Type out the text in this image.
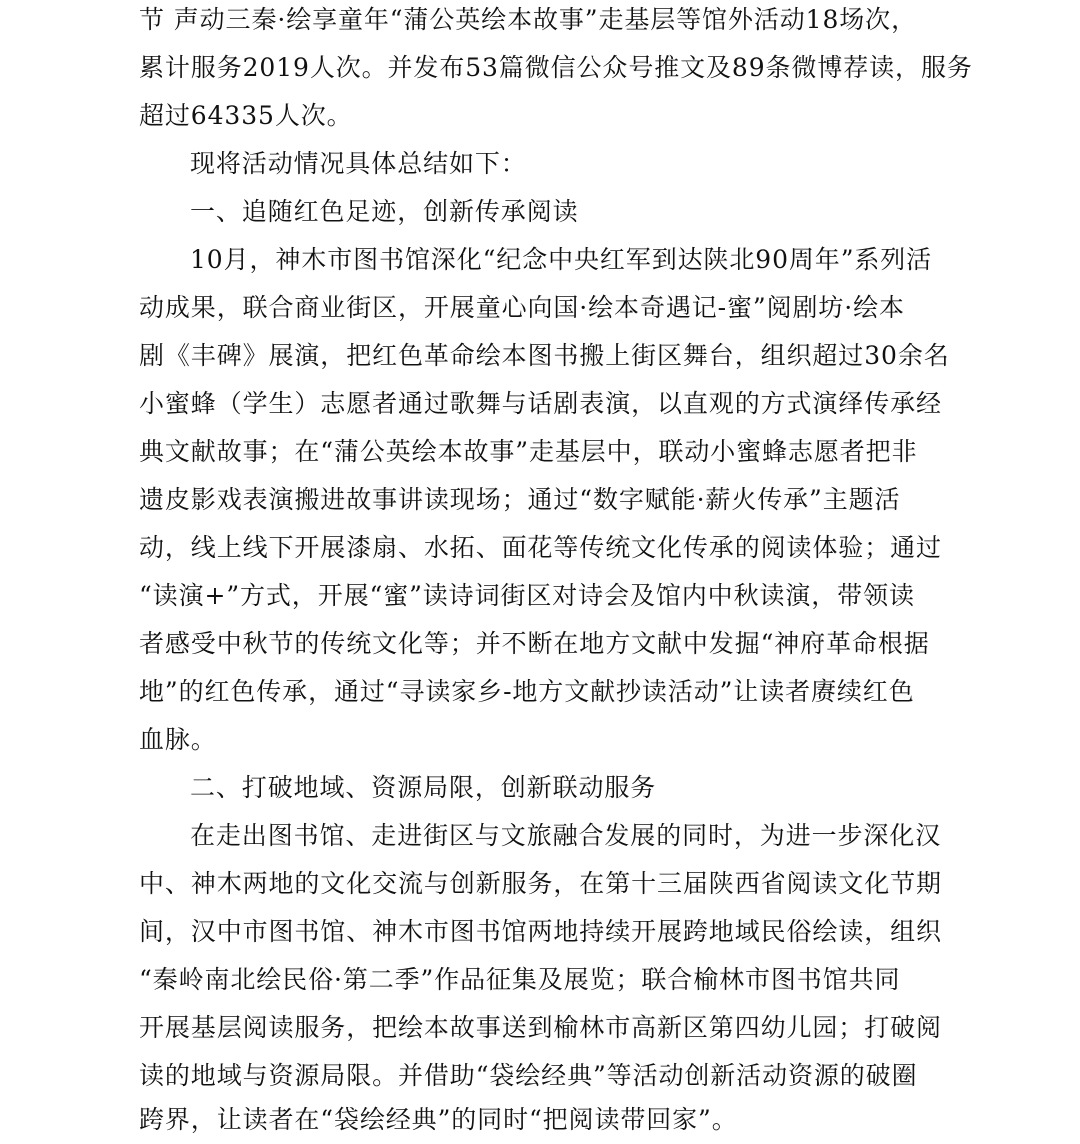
节 声动三秦·绘享童年“蒲公英绘本故事”走基层等馆外活动18场次，
累计服务2019人次。并发布53篇微信公众号推文及89条微博荐读，服务
超过64335人次。
现将活动情况具体总结如下：
一、追随红色足迹，创新传承阅读
10月，神木市图书馆深化“纪念中央红军到达陕北90周年”系列活
动成果，联合商业街区，开展童心向国·绘本奇遇记-蜜”阅剧坊·绘本
剧《丰碑》展演，把红色革命绘本图书搬上街区舞台，组织超过30余名
小蜜蜂（学生）志愿者通过歌舞与话剧表演，以直观的方式演绎传承经
典文献故事；在“蒲公英绘本故事”走基层中，联动小蜜蜂志愿者把非
遗皮影戏表演搬进故事讲读现场；通过“数字赋能·薪火传承”主题活
动，线上线下开展漆扇、水拓、面花等传统文化传承的阅读体验；通过
“读演+”方式，开展“蜜”读诗词街区对诗会及馆内中秋读演，带领读
者感受中秋节的传统文化等；并不断在地方文献中发掘“神府革命根据
地”的红色传承，通过“寻读家乡-地方文献抄读活动”让读者赓续红色
血脉。
二、打破地域、资源局限，创新联动服务
在走出图书馆、走进街区与文旅融合发展的同时，为进一步深化汉
中、神木两地的文化交流与创新服务，在第十三届陕西省阅读文化节期
间，汉中市图书馆、神木市图书馆两地持续开展跨地域民俗绘读，组织
“秦岭南北绘民俗·第二季”作品征集及展览；联合榆林市图书馆共同
开展基层阅读服务，把绘本故事送到榆林市高新区第四幼儿园；打破阅
读的地域与资源局限。并借助“袋绘经典”等活动创新活动资源的破圈
跨界，让读者在“袋绘经典”的同时“把阅读带回家”。
